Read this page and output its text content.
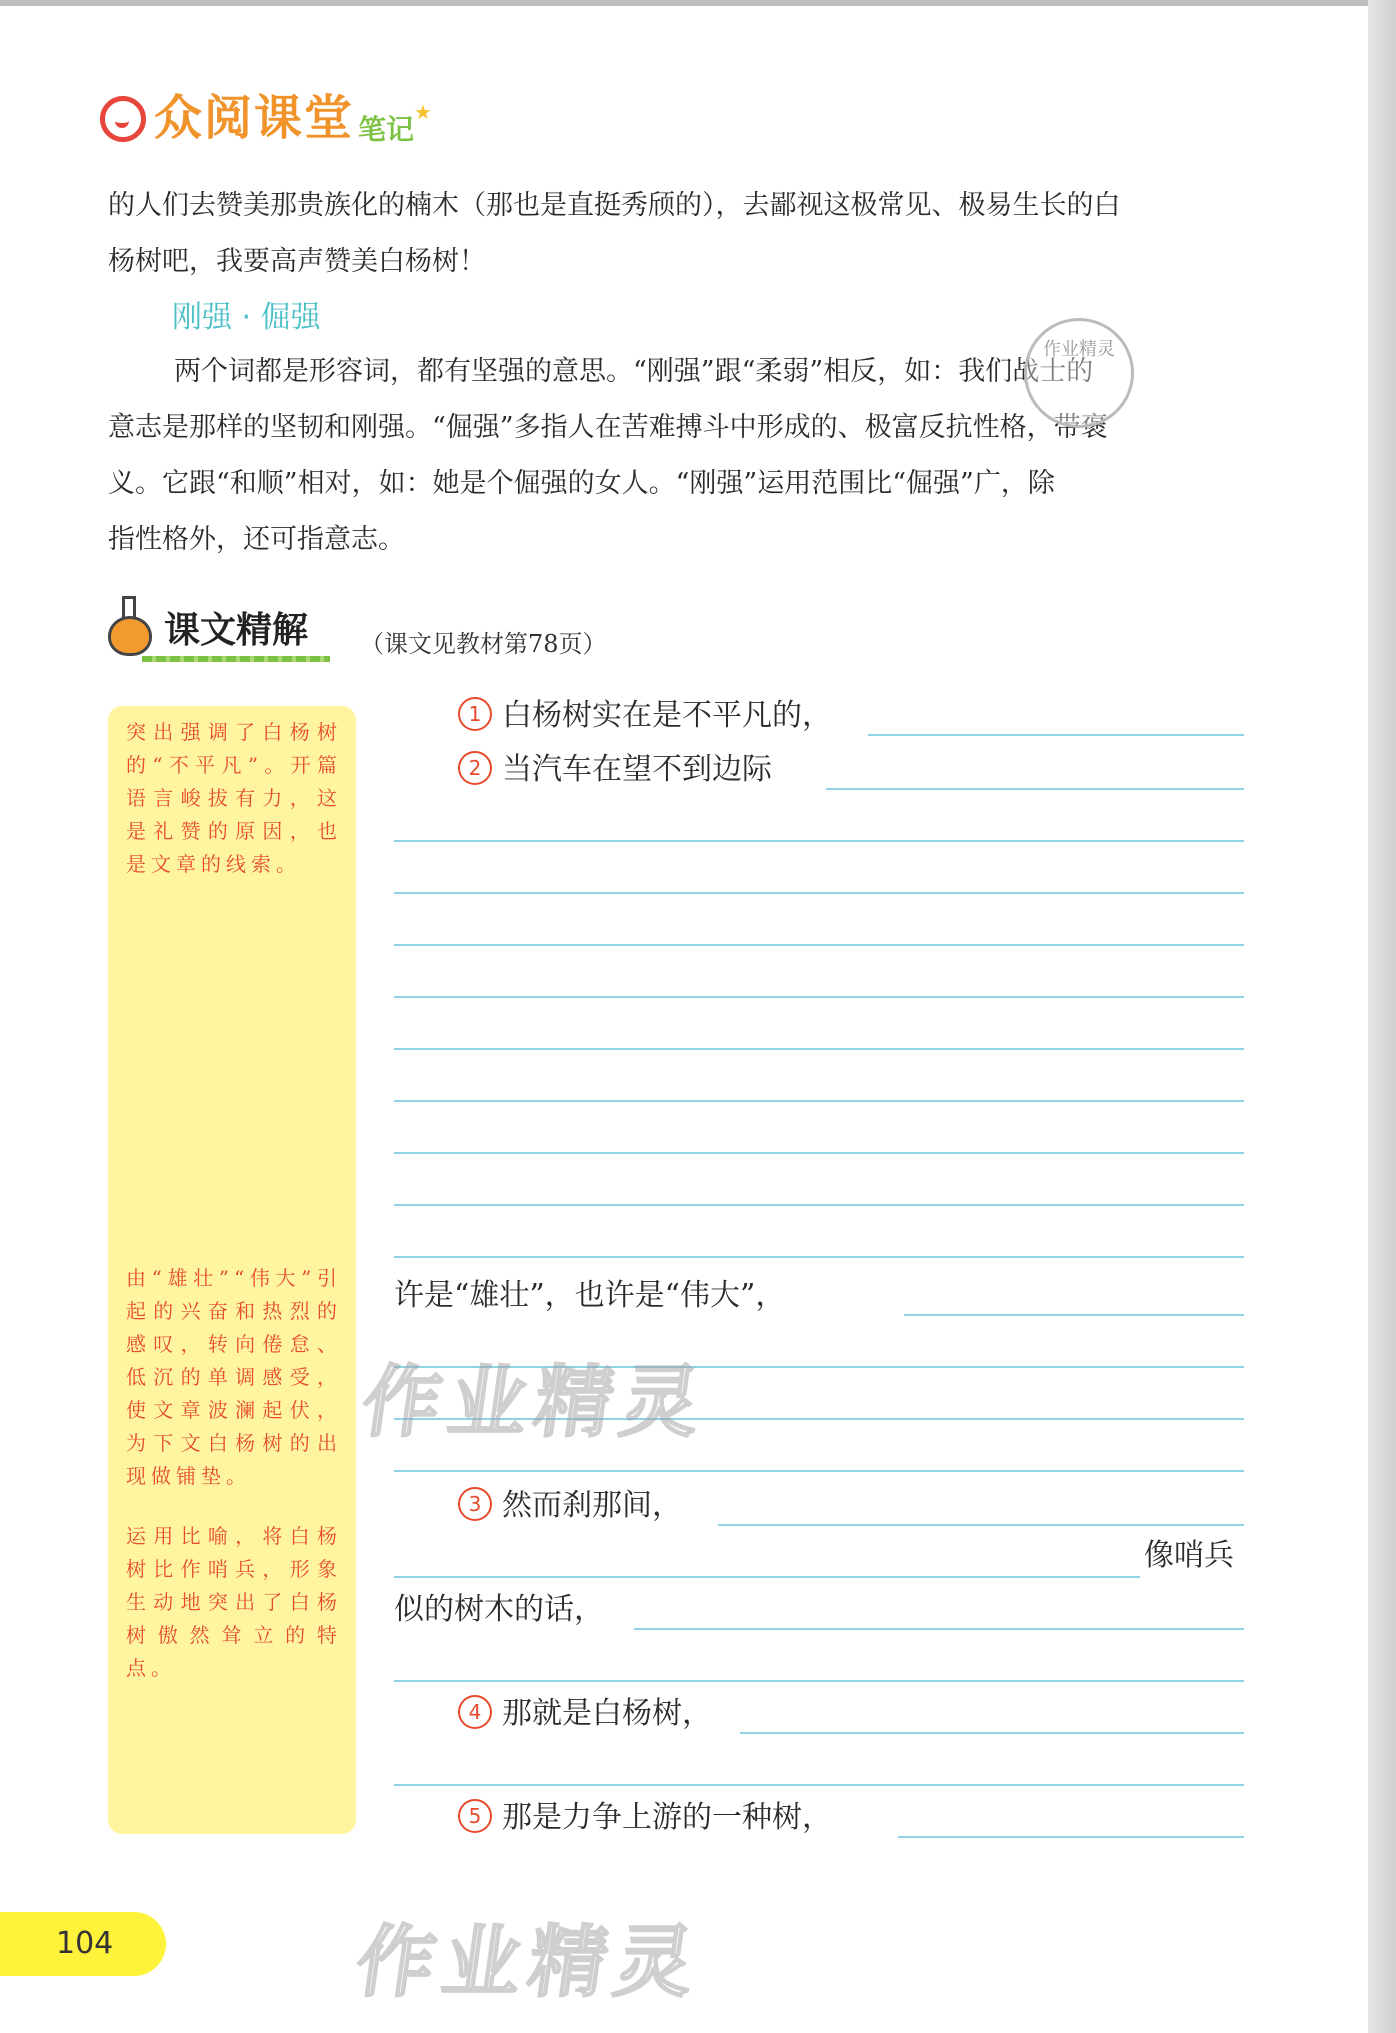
众阅课堂 笔记
★
的人们去赞美那贵族化的楠木（那也是直挺秀颀的），去鄙视这极常见、极易生长的白
杨树吧，我要高声赞美白杨树！
刚强 · 倔强
两个词都是形容词，都有坚强的意思。“刚强”跟“柔弱”相反，如：我们战士的
意志是那样的坚韧和刚强。“倔强”多指人在苦难搏斗中形成的、极富反抗性格，带褒
义。它跟“和顺”相对，如：她是个倔强的女人。“刚强”运用范围比“倔强”广，除
指性格外，还可指意志。
作业精灵
课文精解 （课文见教材第78页）
突出强调了白杨树的“不平凡”。开篇语言峻拔有力，这是礼赞的原因，也是文章的线索。
由“雄壮”“伟大”引起的兴奋和热烈的感叹，转向倦怠、低沉的单调感受，使文章波澜起伏，为下文白杨树的出现做铺垫。
运用比喻，将白杨树比作哨兵，形象生动地突出了白杨树傲然耸立的特点。
1 白杨树实在是不平凡的，
2 当汽车在望不到边际
许是“雄壮”，也许是“伟大”，
3 然而刹那间，
像哨兵
似的树木的话，
4 那就是白杨树，
5 那是力争上游的一种树，
作业精灵
作业精灵
104
